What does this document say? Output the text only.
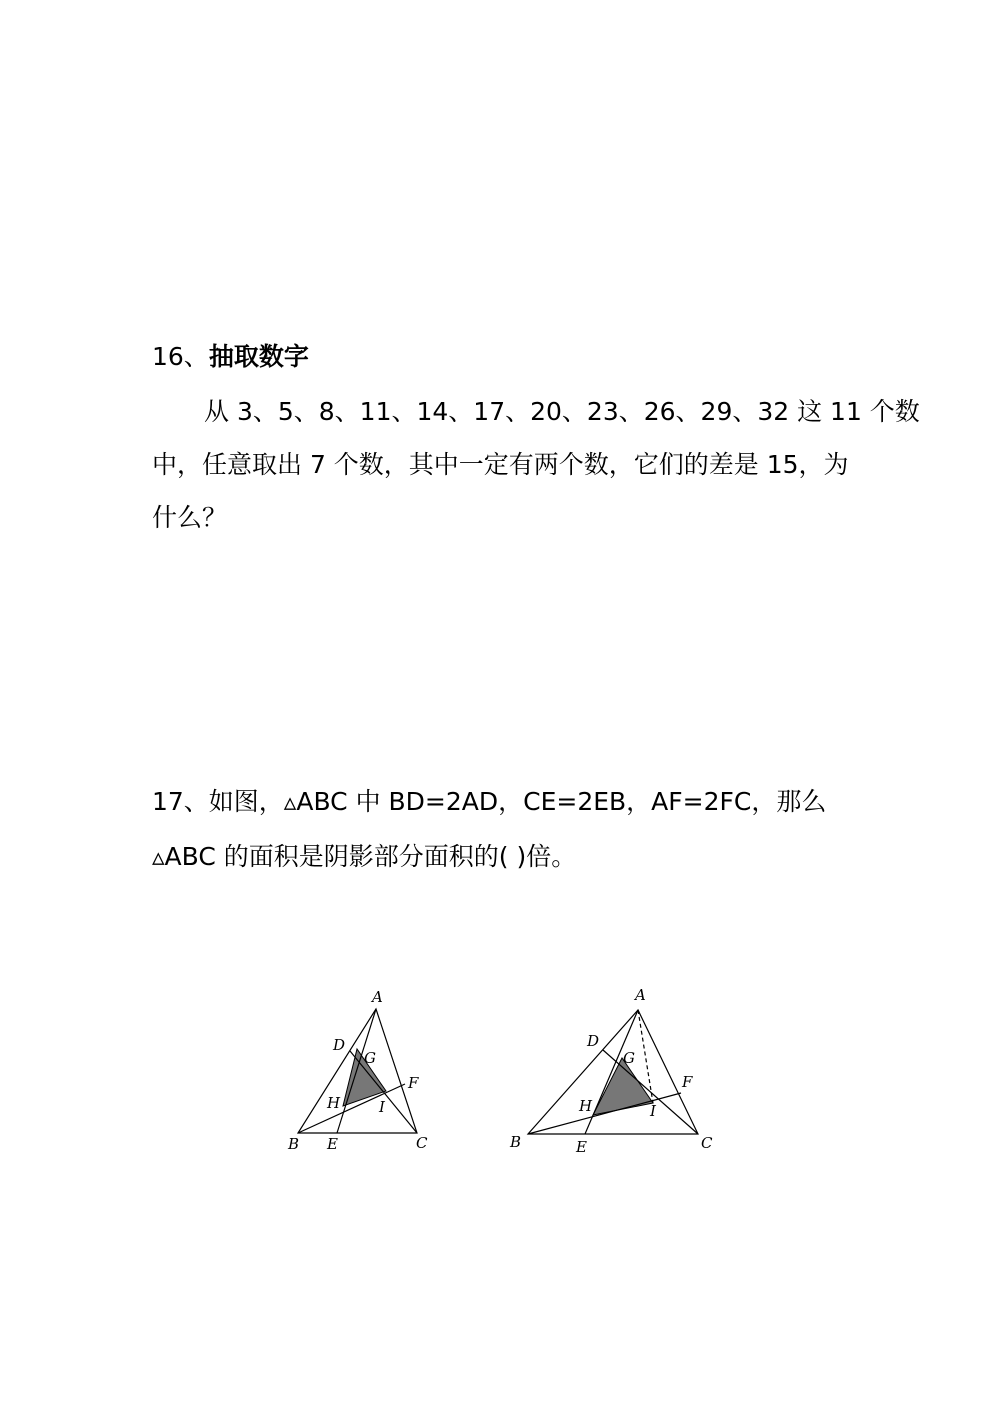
16、抽取数字
从 3、5、8、11、14、17、20、23、26、29、32 这 11 个数
中，任意取出 7 个数，其中一定有两个数，它们的差是 15，为
什么？
17、如图，▵ABC 中 BD=2AD，CE=2EB，AF=2FC，那么
▵ABC 的面积是阴影部分面积的( )倍。
A
D
G
F
H	I
B E	C
A
D
G
F
H	I
B	E	C
